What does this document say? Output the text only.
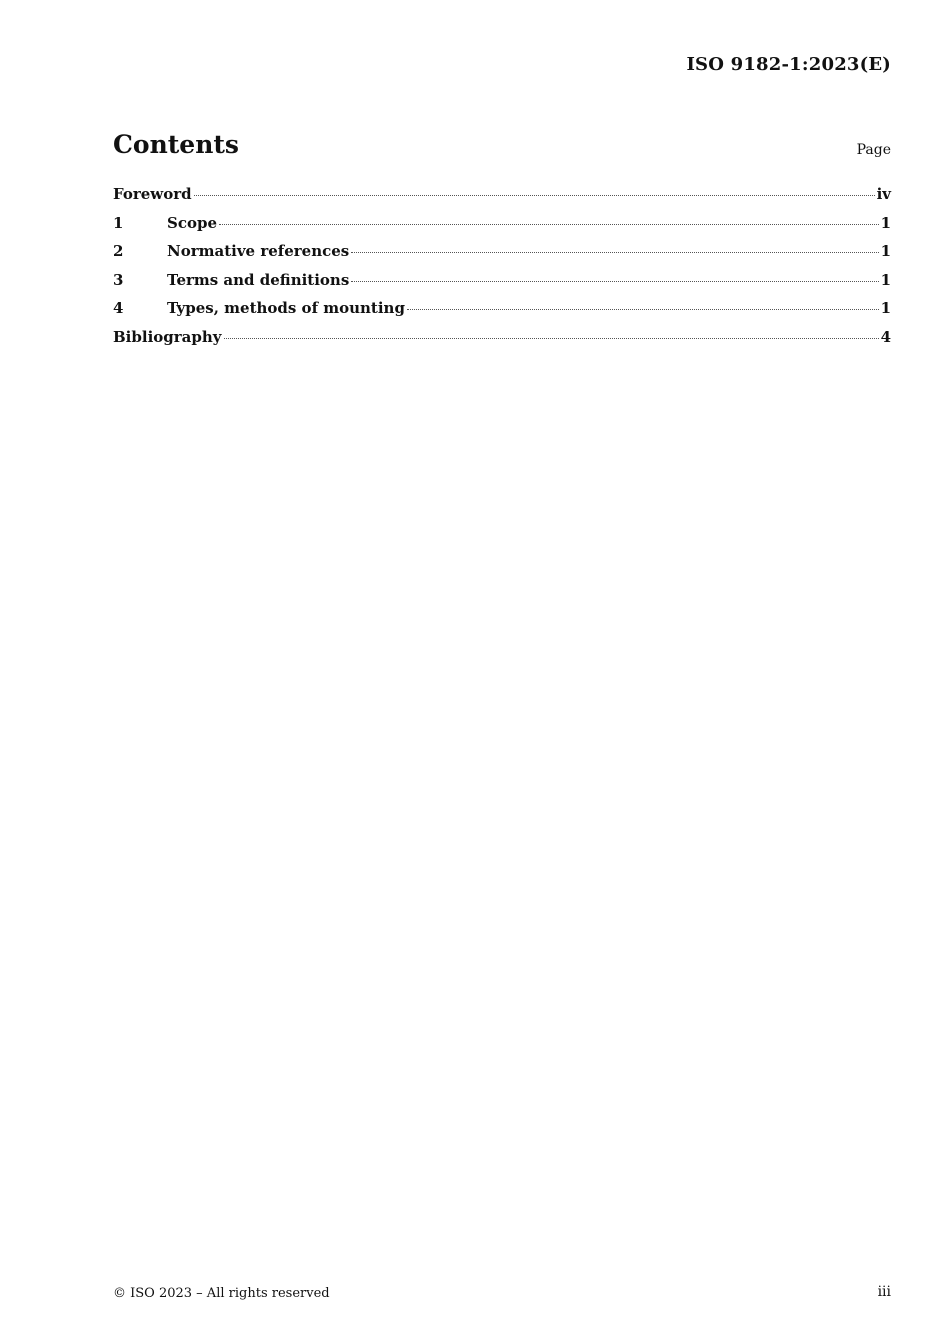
ISO 9182-1:2023(E)
Contents	Page
Foreword	iv
1	Scope	1
2	Normative references	1
3	Terms and definitions	1
4	Types, methods of mounting	1
Bibliography	4
© ISO 2023 – All rights reserved	iii
